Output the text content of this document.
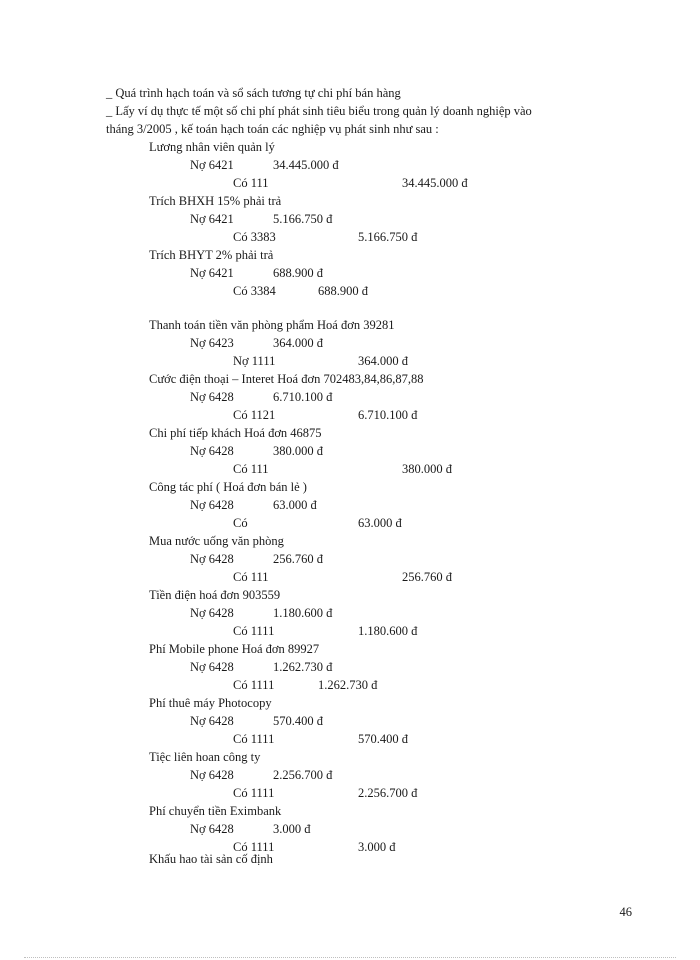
_ Quá trình hạch toán và sổ sách tương tự chi phí bán hàng
_ Lấy ví dụ thực tế một số chi phí phát sinh tiêu biểu trong quản lý doanh nghiệp vào
tháng 3/2005 , kế toán hạch toán các nghiệp vụ phát sinh như sau :
Lương nhân viên quản lý
Nợ 6421	34.445.000 đ
Có 111	34.445.000 đ
Trích BHXH 15% phải trả
Nợ 6421	5.166.750 đ
Có 3383	5.166.750 đ
Trích BHYT 2% phải trả
Nợ 6421	688.900 đ
Có 3384	688.900 đ
Thanh toán tiền văn phòng phẩm Hoá đơn 39281
Nợ 6423	364.000 đ
Nợ 1111	364.000 đ
Cước điện thoại – Interet Hoá đơn 702483,84,86,87,88
Nợ 6428	6.710.100 đ
Có 1121	6.710.100 đ
Chi phí tiếp khách Hoá đơn 46875
Nợ 6428	380.000 đ
Có 111	380.000 đ
Công tác phí ( Hoá đơn bán lẻ )
Nợ 6428	63.000 đ
Có	63.000 đ
Mua nước uống văn phòng
Nợ 6428	256.760 đ
Có 111	256.760 đ
Tiền điện hoá đơn 903559
Nợ 6428	1.180.600 đ
Có 1111	1.180.600 đ
Phí Mobile phone Hoá đơn 89927
Nợ 6428	1.262.730 đ
Có 1111	1.262.730 đ
Phí thuê máy Photocopy
Nợ 6428	570.400 đ
Có 1111	570.400 đ
Tiệc liên hoan công ty
Nợ 6428	2.256.700 đ
Có 1111	2.256.700 đ
Phí chuyển tiền Eximbank
Nợ 6428	3.000 đ
Có 1111	3.000 đ
Khấu hao tài sản cố định
46
